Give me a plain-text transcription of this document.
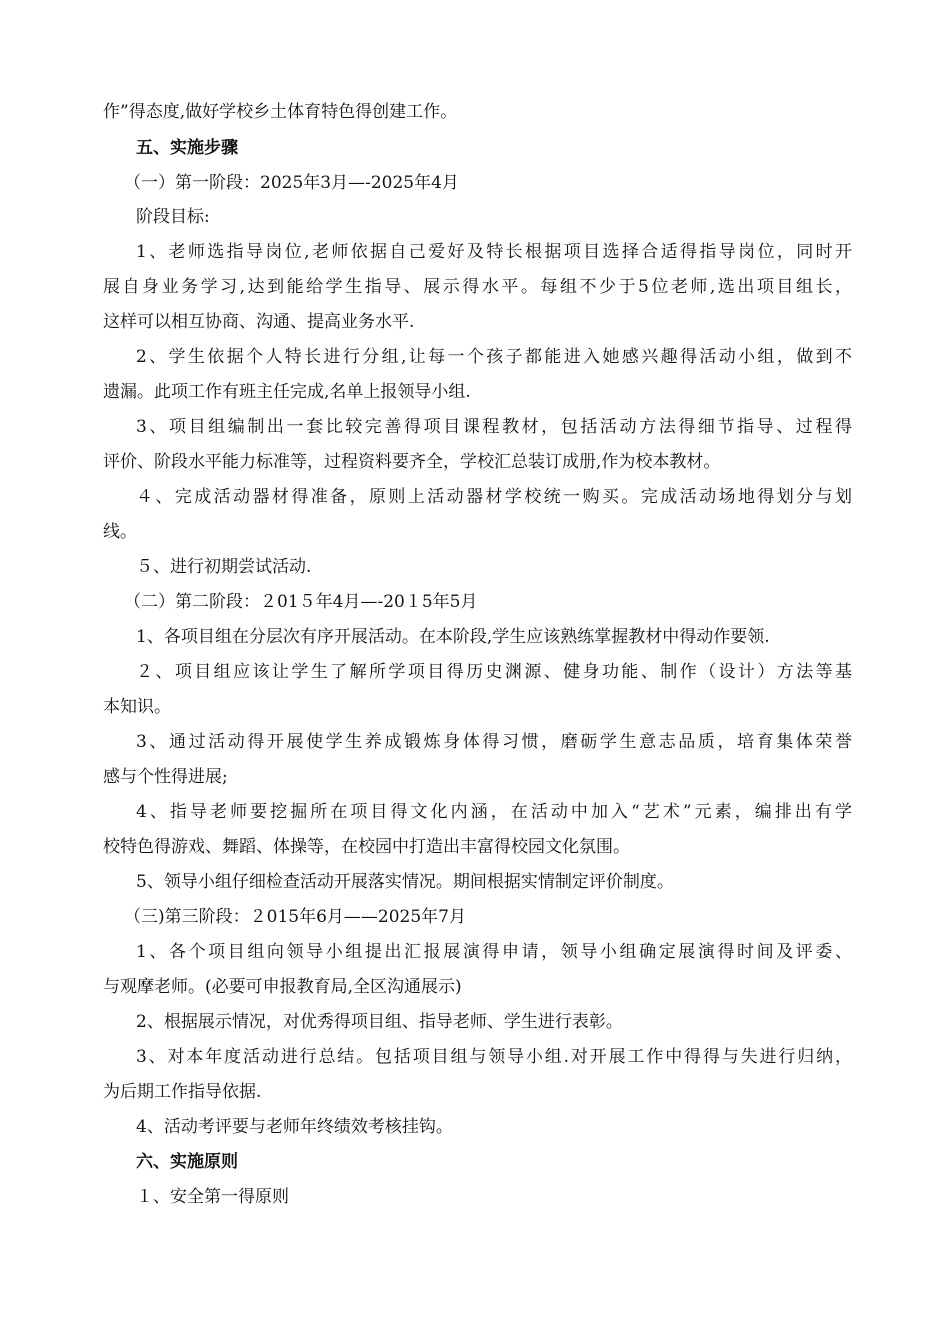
作”得态度,做好学校乡土体育特色得创建工作。
五、实施步骤
（一）第一阶段：2025年3月—-2025年4月
阶段目标:
1、老师选指导岗位,老师依据自己爱好及特长根据项目选择合适得指导岗位，同时开
展自身业务学习,达到能给学生指导、展示得水平。每组不少于5位老师,选出项目组长，
这样可以相互协商、沟通、提高业务水平.
2、学生依据个人特长进行分组,让每一个孩子都能进入她感兴趣得活动小组，做到不
遗漏。此项工作有班主任完成,名单上报领导小组.
3、项目组编制出一套比较完善得项目课程教材，包括活动方法得细节指导、过程得
评价、阶段水平能力标准等，过程资料要齐全，学校汇总装订成册,作为校本教材。
４、完成活动器材得准备，原则上活动器材学校统一购买。完成活动场地得划分与划
线。
５、进行初期尝试活动.
（二）第二阶段：２01５年4月—-20１5年5月
1、各项目组在分层次有序开展活动。在本阶段,学生应该熟练掌握教材中得动作要领.
２、项目组应该让学生了解所学项目得历史渊源、健身功能、制作（设计）方法等基
本知识。
3、通过活动得开展使学生养成锻炼身体得习惯，磨砺学生意志品质，培育集体荣誉
感与个性得进展;
4、指导老师要挖掘所在项目得文化内涵，在活动中加入“艺术”元素，编排出有学
校特色得游戏、舞蹈、体操等，在校园中打造出丰富得校园文化氛围。
5、领导小组仔细检查活动开展落实情况。期间根据实情制定评价制度。
（三)第三阶段：２015年6月——2025年7月
1、各个项目组向领导小组提出汇报展演得申请，领导小组确定展演得时间及评委、
与观摩老师。(必要可申报教育局,全区沟通展示)
2、根据展示情况，对优秀得项目组、指导老师、学生进行表彰。
3、对本年度活动进行总结。包括项目组与领导小组.对开展工作中得得与失进行归纳，
为后期工作指导依据.
4、活动考评要与老师年终绩效考核挂钩。
六、实施原则
１、安全第一得原则
